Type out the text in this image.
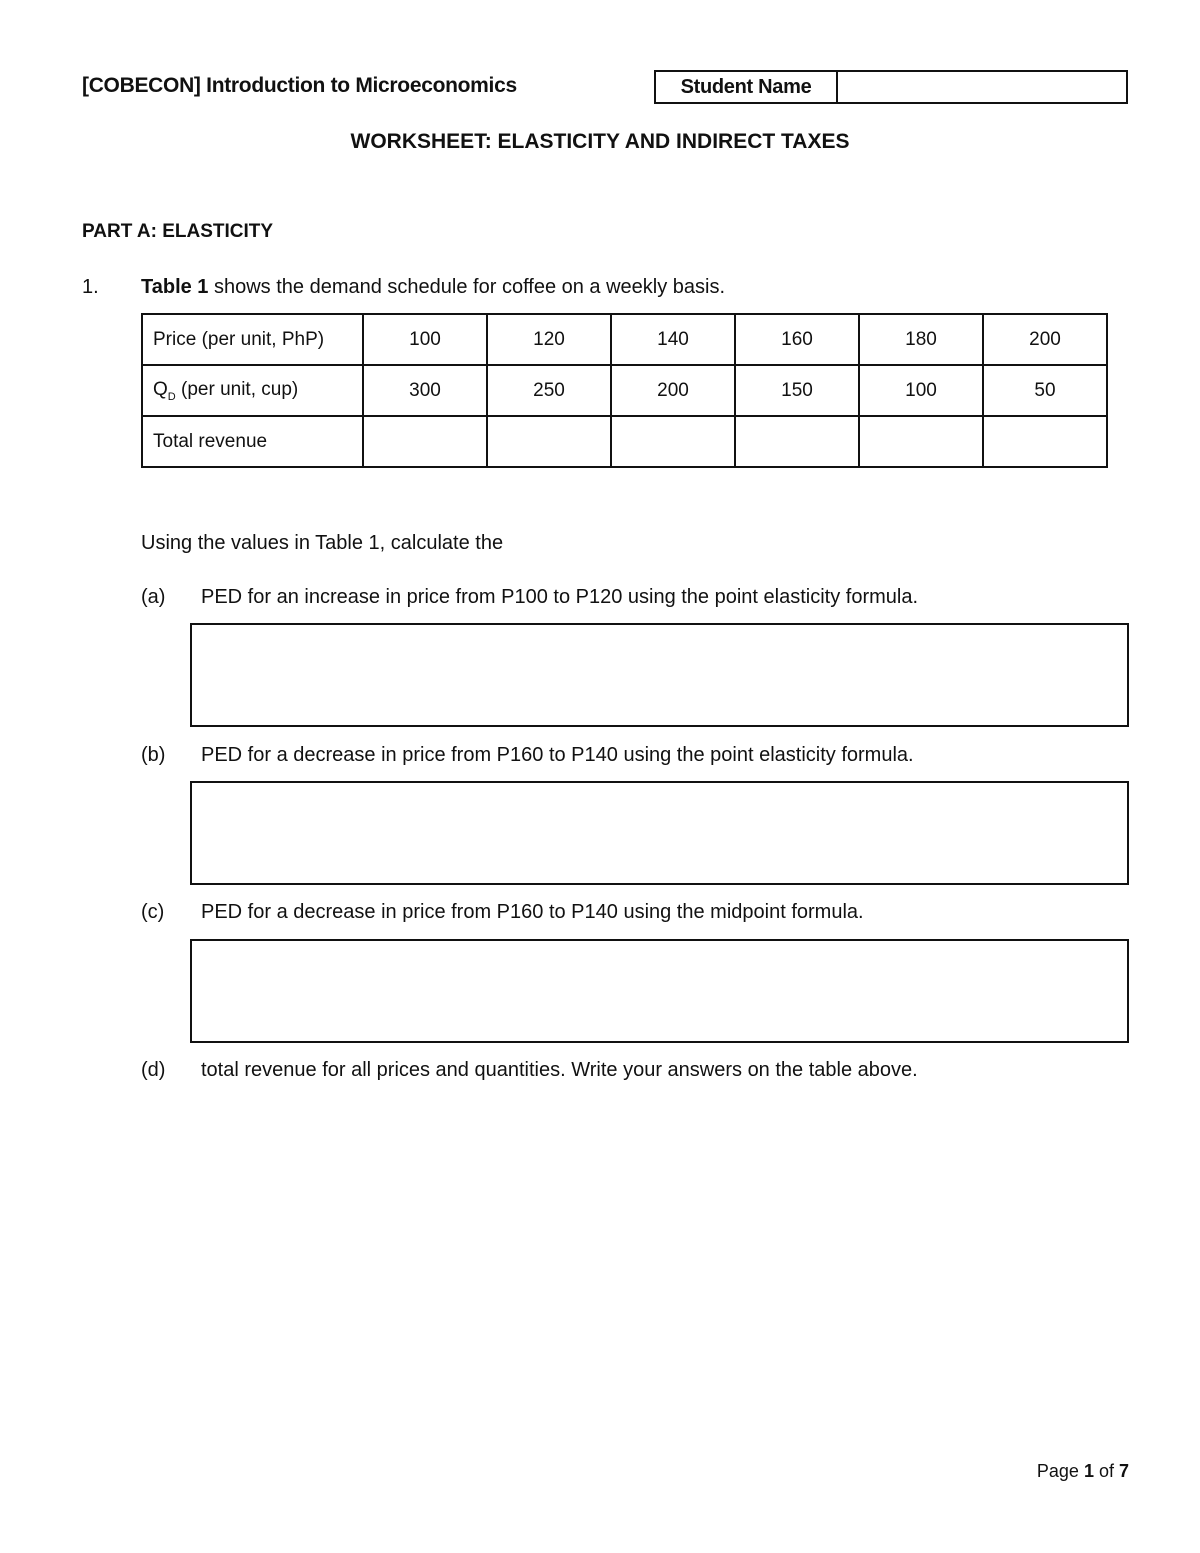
[COBECON] Introduction to Microeconomics	Student Name
WORKSHEET: ELASTICITY AND INDIRECT TAXES
PART A: ELASTICITY
1. Table 1 shows the demand schedule for coffee on a weekly basis.
Price (per unit, PhP)	100	120	140	160	180	200
$Q_D$ (per unit, cup)	300	250	200	150	100	50
Total revenue						
Using the values in Table 1, calculate the
(a) PED for an increase in price from P100 to P120 using the point elasticity formula.
(b) PED for a decrease in price from P160 to P140 using the point elasticity formula.
(c) PED for a decrease in price from P160 to P140 using the midpoint formula.
(d) total revenue for all prices and quantities. Write your answers on the table above.
Page 1 of 7
